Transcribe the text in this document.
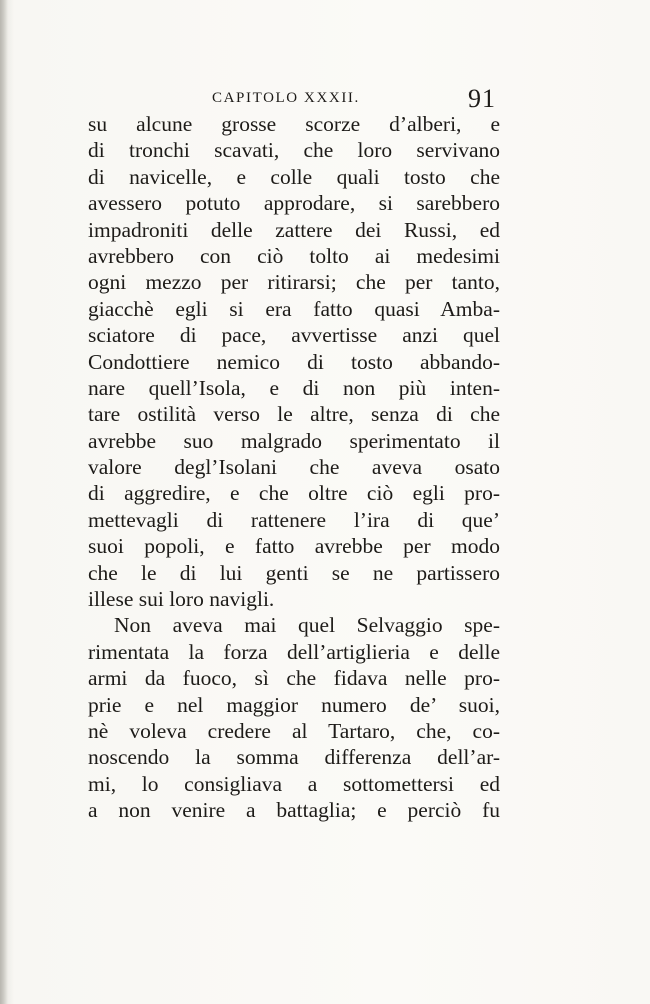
CAPITOLO XXXII.	91
su alcune grosse scorze d’alberi, e
di tronchi scavati, che loro servivano
di navicelle, e colle quali tosto che
avessero potuto approdare, si sarebbero
impadroniti delle zattere dei Russi, ed
avrebbero con ciò tolto ai medesimi
ogni mezzo per ritirarsi; che per tanto,
giacchè egli si era fatto quasi Amba-
sciatore di pace, avvertisse anzi quel
Condottiere nemico di tosto abbando-
nare quell’Isola, e di non più inten-
tare ostilità verso le altre, senza di che
avrebbe suo malgrado sperimentato il
valore degl’Isolani che aveva osato
di aggredire, e che oltre ciò egli pro-
mettevagli di rattenere l’ira di que’
suoi popoli, e fatto avrebbe per modo
che le di lui genti se ne partissero
illese sui loro navigli.
Non aveva mai quel Selvaggio spe-
rimentata la forza dell’artiglieria e delle
armi da fuoco, sì che fidava nelle pro-
prie e nel maggior numero de’ suoi,
nè voleva credere al Tartaro, che, co-
noscendo la somma differenza dell’ar-
mi, lo consigliava a sottomettersi ed
a non venire a battaglia; e perciò fu
